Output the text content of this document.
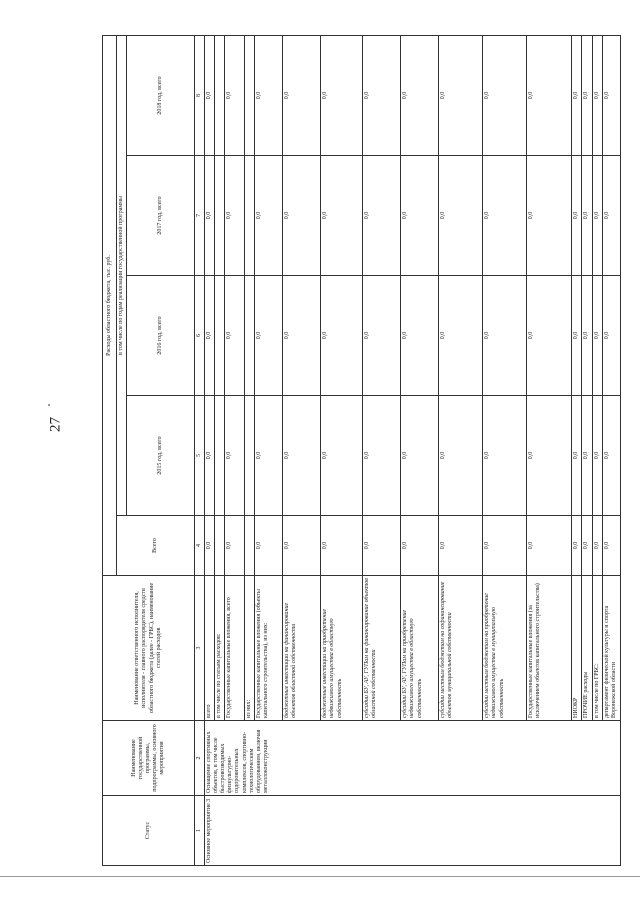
27
Статус	Наименование государственной программы, подпрограммы, основного мероприятия	Наименование ответственного исполнителя, исполнителя - главного распорядителя средств областного бюджета (далее - ГРБС), наименование статей расходов	Расходы областного бюджета, тыс. руб.				
			Всего	в том числе по годам реализации государственной программы			
				2015 год, всего	2016 год, всего	2017 год, всего	2018 год, всего
1	2	3	4	5	6	7	8
Основное мероприятие 3	Оснащение спортивных объектов, в том числе быстровозводимых физкультурно-оздоровительных комплексов, спортивно-технологическим оборудованием, включая металлоконструкции	всего	0,0	0,0	0,0	0,0	0,0
		в том числе по статьям расходов:					
		Государственные капитальные вложения, всего	0,0	0,0	0,0	0,0	0,0
		из них:					
		Государственные капитальные вложения (объекты капитального строительства), из них:	0,0	0,0	0,0	0,0	0,0
		бюджетные инвестиции на финансирование объектов областной собственности	0,0	0,0	0,0	0,0	0,0
		бюджетные инвестиции на приобретение недвижимого имущества в областную собственность	0,0	0,0	0,0	0,0	0,0
		субсидии БУ, АУ, ГУПам на финансирование объектов областной собственности	0,0	0,0	0,0	0,0	0,0
		субсидии БУ, АУ, ГУПам на приобретение недвижимого имущества в областную собственность	0,0	0,0	0,0	0,0	0,0
		субсидии местным бюджетам на софинансирование объектов муниципальной собственности	0,0	0,0	0,0	0,0	0,0
		субсидии местным бюджетам на приобретение недвижимого имущества в муниципальную собственность	0,0	0,0	0,0	0,0	0,0
		Государственные капитальные вложения (за исключением объектов капитального строительства)	0,0	0,0	0,0	0,0	0,0
		НИОКР	0,0	0,0	0,0	0,0	0,0
		ПРОЧИЕ расходы	0,0	0,0	0,0	0,0	0,0
		в том числе по ГРБС:	0,0	0,0	0,0	0,0	0,0
		департамент физической культуры и спорта Воронежской области	0,0	0,0	0,0	0,0	0,0
